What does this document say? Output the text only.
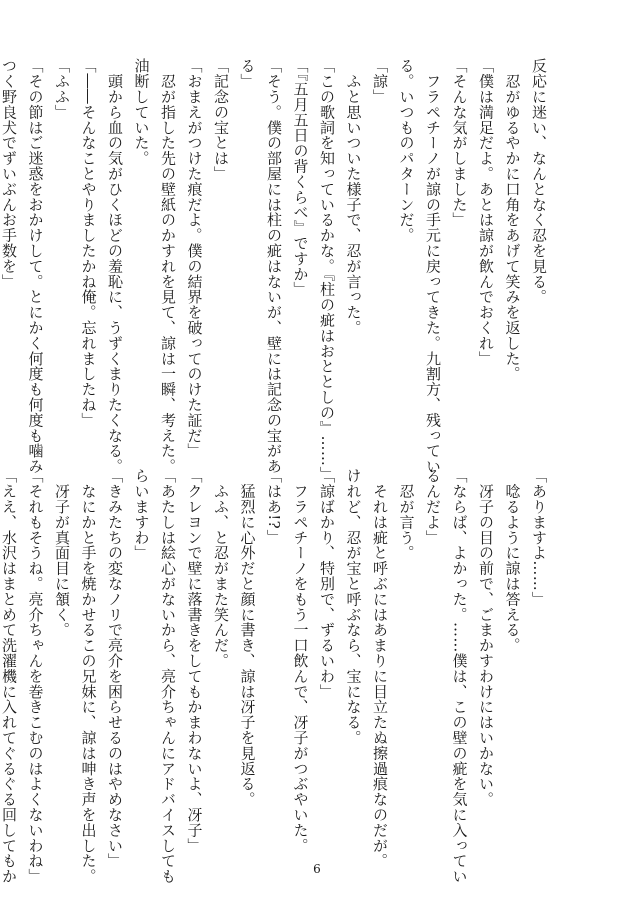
反応に迷い、なんとなく忍を見る。
　忍がゆるやかに口角をあげて笑みを返した。
「僕は満足だよ。あとは諒が飲んでおくれ」
「そんな気がしました」
　フラペチーノが諒の手元に戻ってきた。九割方、残ってい
る。いつものパターンだ。
「諒」
　ふと思いついた様子で、忍が言った。
「この歌詞を知っているかな。『柱の疵はおととしの』……」
「『五月五日の背くらべ』ですか」
「そう。僕の部屋には柱の疵はないが、壁には記念の宝があ
る」
「記念の宝とは」
「おまえがつけた痕だよ。僕の結界を破ってのけた証だ」
　忍が指した先の壁紙のかすれを見て、諒は一瞬、考えた。
油断していた。
　頭から血の気がひくほどの羞恥に、うずくまりたくなる。
「――そんなことやりましたかね俺。忘れましたね」
「ふふ」
「その節はご迷惑をおかけして。とにかく何度も何度も噛み
つく野良犬でずいぶんお手数を」
「ありますよ……」
　唸るように諒は答える。
　冴子の目の前で、ごまかすわけにはいかない。
「ならば、よかった。……僕は、この壁の疵を気に入ってい
るんだよ」
　忍が言う。
　それは疵と呼ぶにはあまりに目立たぬ擦過痕なのだが。
けれど、忍が宝と呼ぶなら、宝になる。
「諒ばかり、特別で、ずるいわ」
　フラペチーノをもう一口飲んで、冴子がつぶやいた。
「はあ!?」
　猛烈に心外だと顔に書き、諒は冴子を見返る。
　ふふ、と忍がまた笑んだ。
「クレヨンで壁に落書きをしてもかまわないよ、冴子」
「あたしは絵心がないから、亮介ちゃんにアドバイスしても
らいますわ」
「きみたちの変なノリで亮介を困らせるのはやめなさい」
　なにかと手を焼かせるこの兄妹に、諒は呻き声を出した。
　冴子が真面目に頷く。
「それもそうね。亮介ちゃんを巻きこむのはよくないわね」
「ええ、水沢はまとめて洗濯機に入れてぐるぐる回してもか	6
